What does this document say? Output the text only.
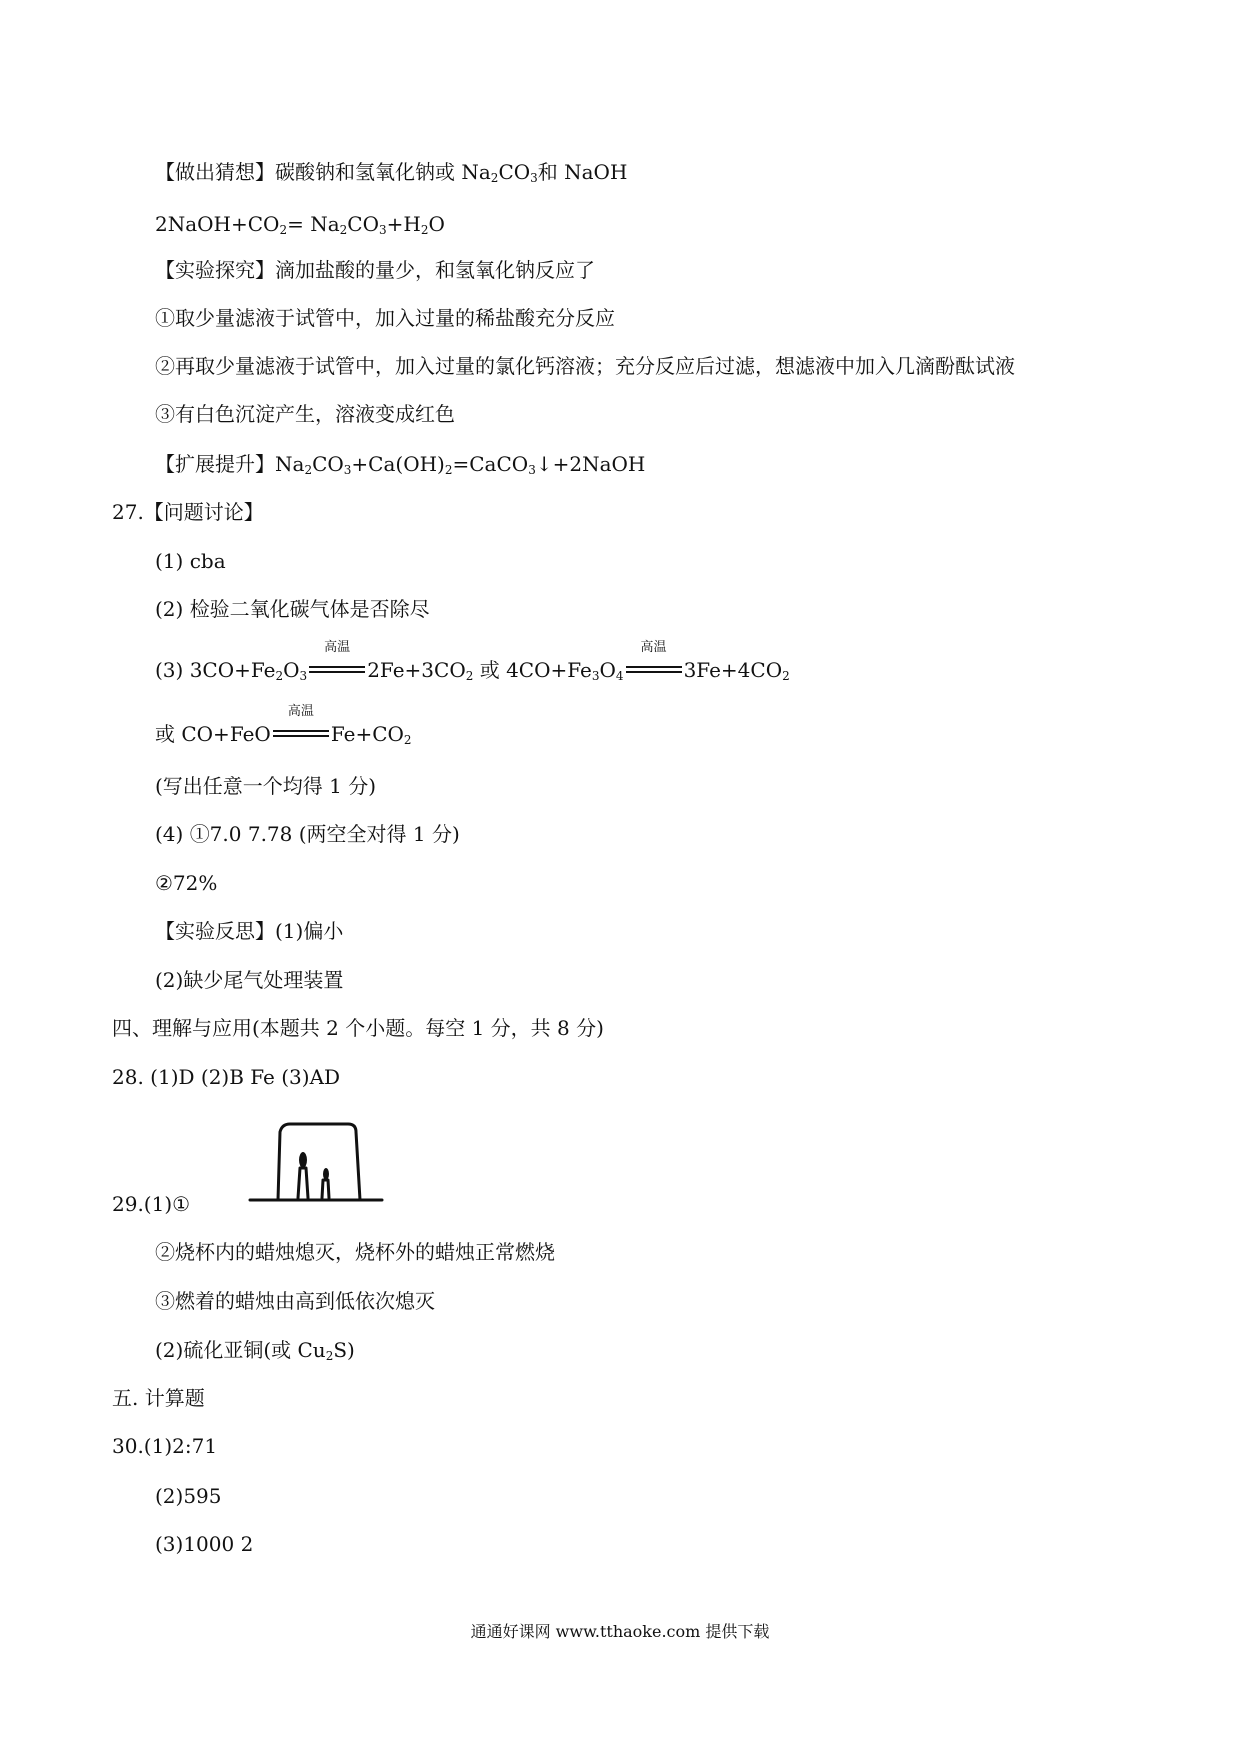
【做出猜想】碳酸钠和氢氧化钠或 $Na_2CO_3$和 NaOH
$2NaOH+CO_2= Na_2CO_3+H_2O$
【实验探究】滴加盐酸的量少，和氢氧化钠反应了
①取少量滤液于试管中，加入过量的稀盐酸充分反应
②再取少量滤液于试管中，加入过量的氯化钙溶液；充分反应后过滤，想滤液中加入几滴酚酞试液
③有白色沉淀产生，溶液变成红色
【扩展提升】$Na_2CO_3+Ca(OH)_2=CaCO_3↓+2NaOH$
27.【问题讨论】
(1) cba
(2) 检验二氧化碳气体是否除尽
(3) $3CO+Fe_2O_3$
高温
$2Fe+3CO_2$ 或 $4CO+Fe_3O_4$
高温
$3Fe+4CO_2$
或 CO+FeO
高温
$Fe+CO_2$
(写出任意一个均得 1 分)
(4) ①7.0 7.78 (两空全对得 1 分)
②72%
【实验反思】(1)偏小
(2)缺少尾气处理装置
四、理解与应用(本题共 2 个小题。每空 1 分，共 8 分)
28. (1)D (2)B Fe (3)AD
29.(1)①
②烧杯内的蜡烛熄灭，烧杯外的蜡烛正常燃烧
③燃着的蜡烛由高到低依次熄灭
(2)硫化亚铜(或 $Cu_2S$)
五. 计算题
30.(1)2:71
(2)595
(3)1000 2
通通好课网 www.tthaoke.com 提供下载
